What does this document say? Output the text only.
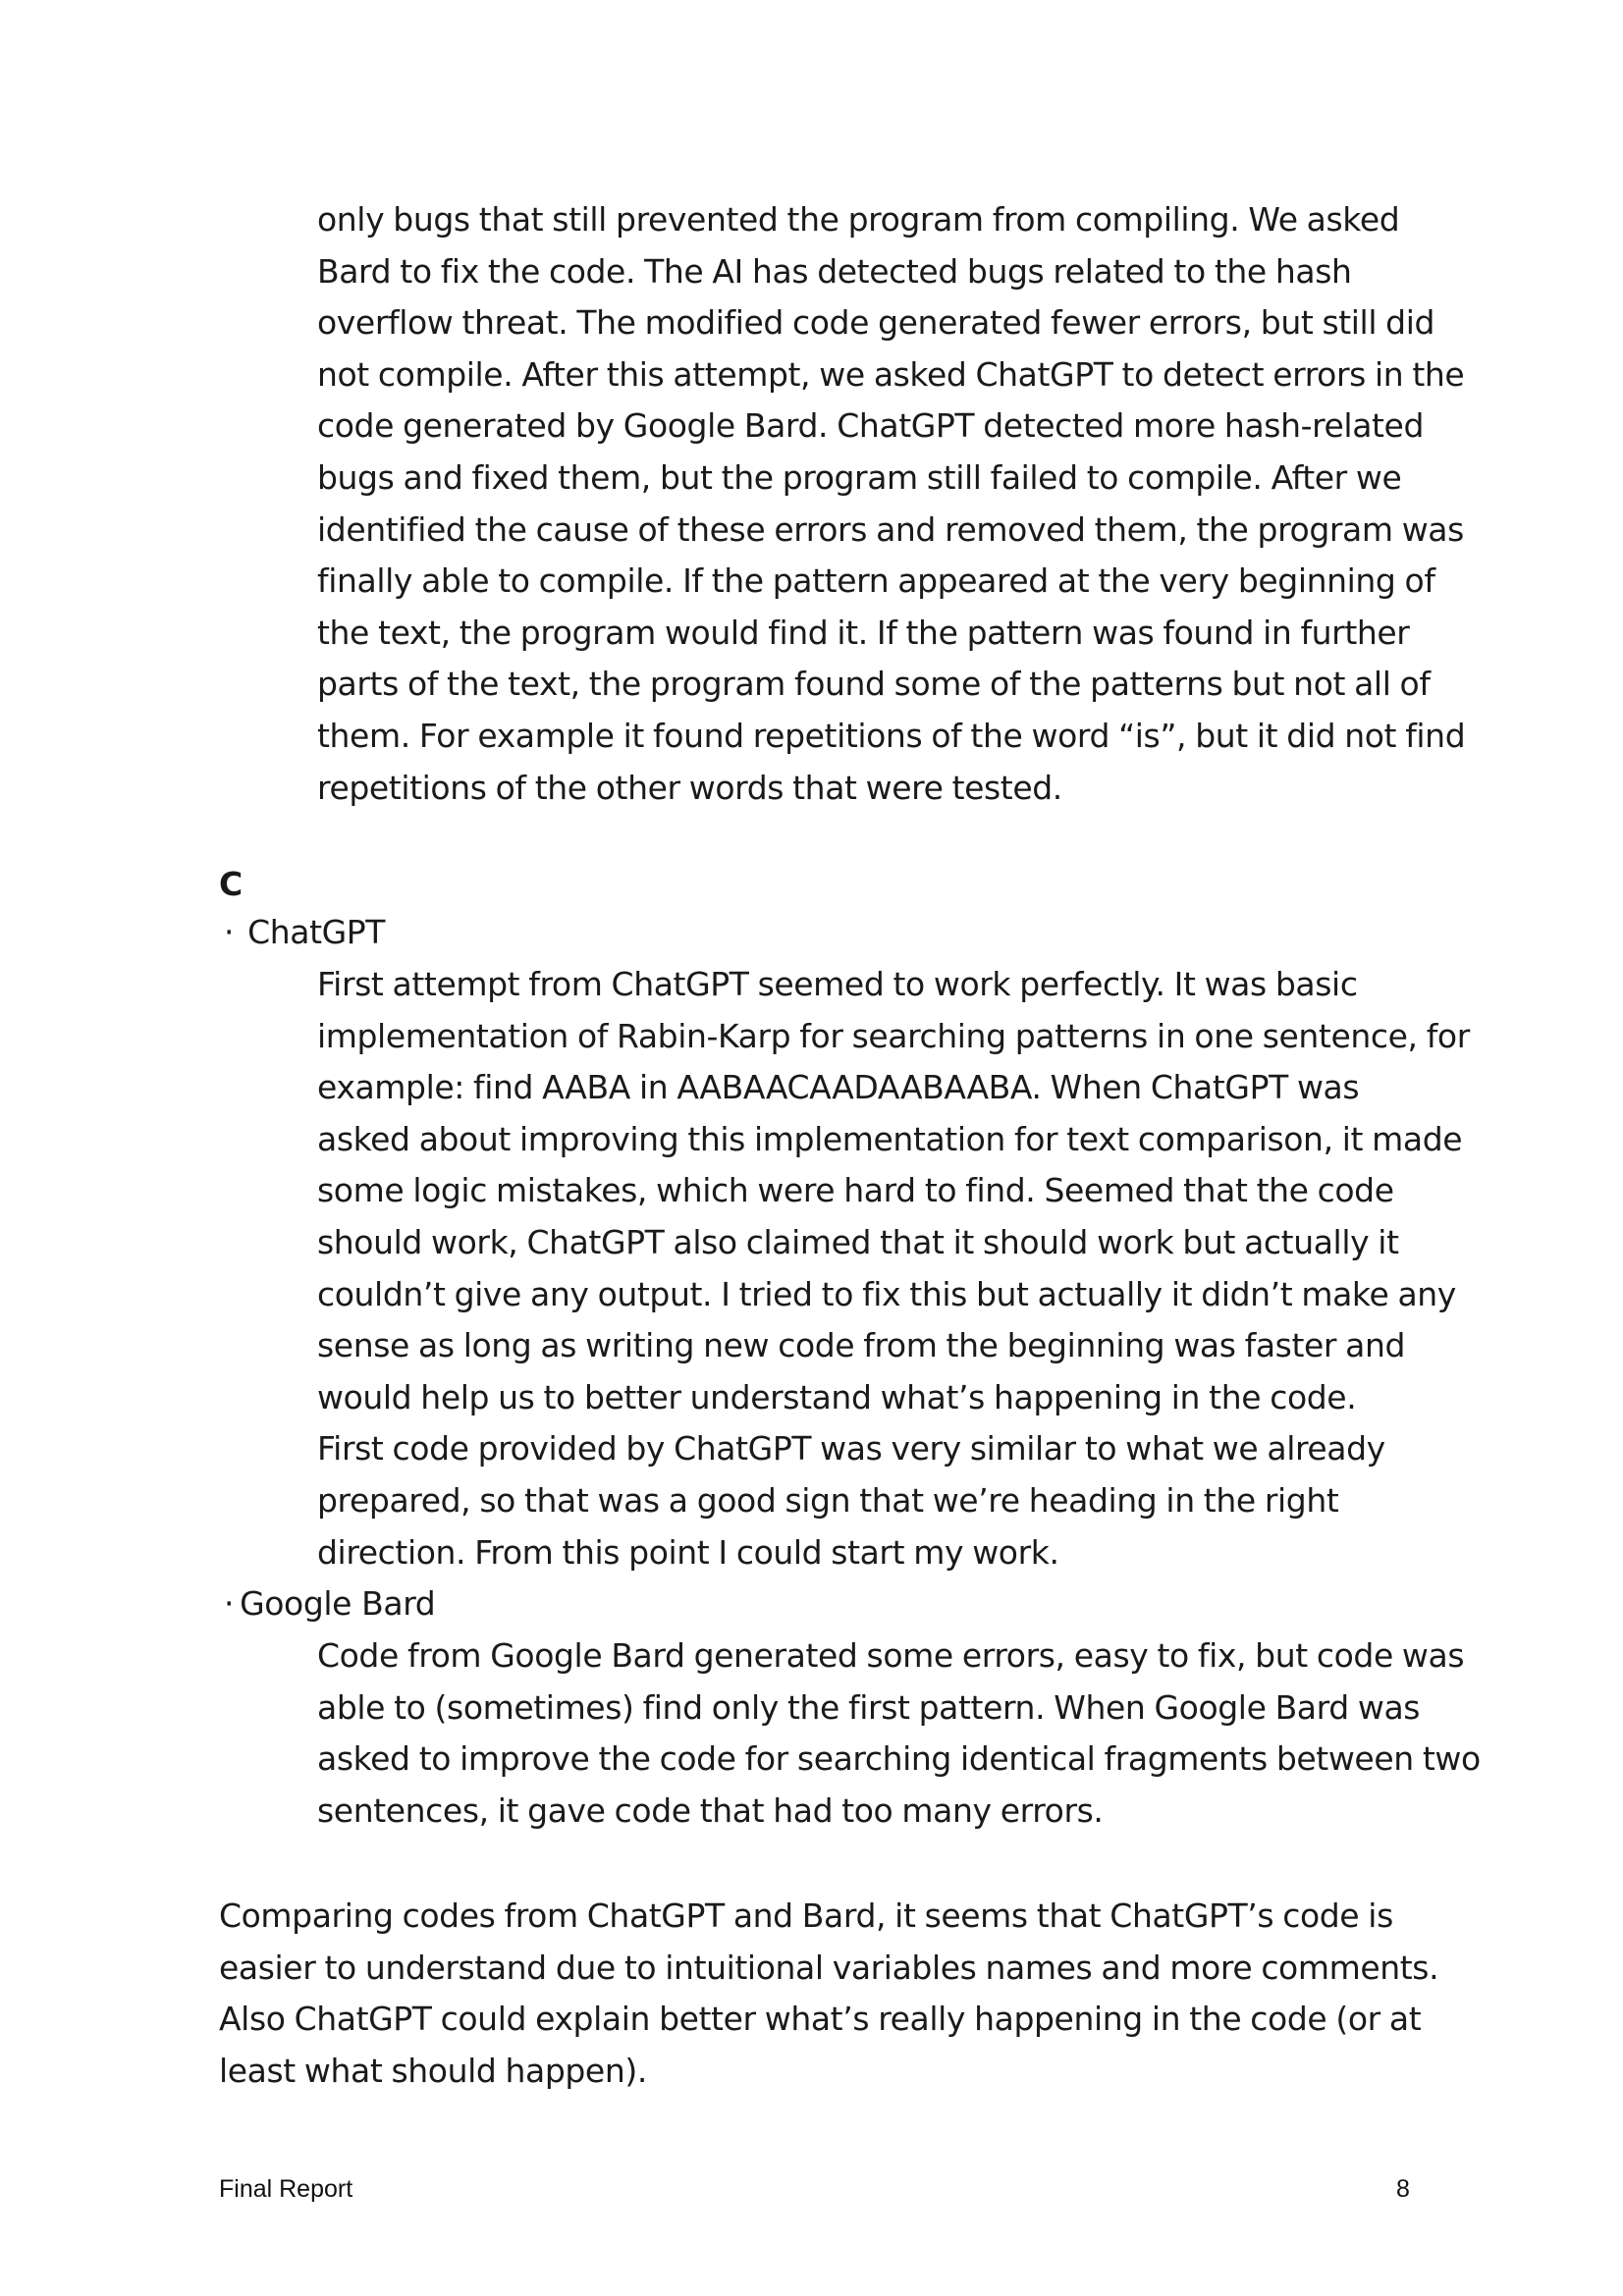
only bugs that still prevented the program from compiling. We asked
Bard to fix the code. The AI has detected bugs related to the hash
overflow threat. The modified code generated fewer errors, but still did
not compile. After this attempt, we asked ChatGPT to detect errors in the
code generated by Google Bard. ChatGPT detected more hash-related
bugs and fixed them, but the program still failed to compile. After we
identified the cause of these errors and removed them, the program was
finally able to compile. If the pattern appeared at the very beginning of
the text, the program would find it. If the pattern was found in further
parts of the text, the program found some of the patterns but not all of
them. For example it found repetitions of the word “is”, but it did not find
repetitions of the other words that were tested.
C
· ChatGPT
First attempt from ChatGPT seemed to work perfectly. It was basic
implementation of Rabin-Karp for searching patterns in one sentence, for
example: find AABA in AABAACAADAABAABA. When ChatGPT was
asked about improving this implementation for text comparison, it made
some logic mistakes, which were hard to find. Seemed that the code
should work, ChatGPT also claimed that it should work but actually it
couldn’t give any output. I tried to fix this but actually it didn’t make any
sense as long as writing new code from the beginning was faster and
would help us to better understand what’s happening in the code.
First code provided by ChatGPT was very similar to what we already
prepared, so that was a good sign that we’re heading in the right
direction. From this point I could start my work.
· Google Bard
Code from Google Bard generated some errors, easy to fix, but code was
able to (sometimes) find only the first pattern. When Google Bard was
asked to improve the code for searching identical fragments between two
sentences, it gave code that had too many errors.
Comparing codes from ChatGPT and Bard, it seems that ChatGPT’s code is
easier to understand due to intuitional variables names and more comments.
Also ChatGPT could explain better what’s really happening in the code (or at
least what should happen).
Final Report	8
